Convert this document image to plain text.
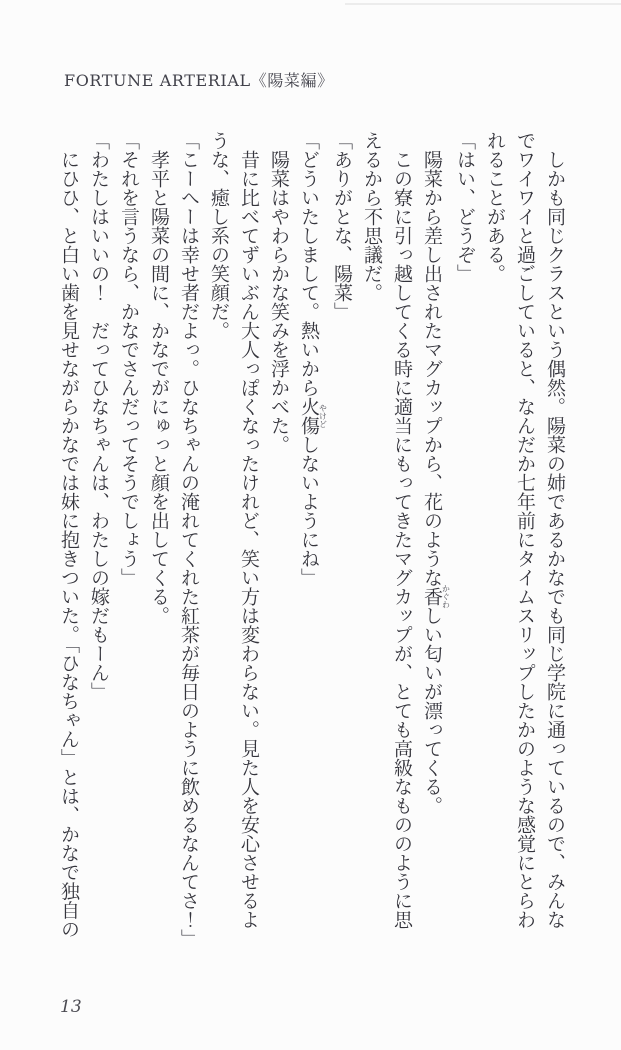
FORTUNE ARTERIAL《陽菜編》

　しかも同じクラスという偶然。陽菜の姉であるかなでも同じ学院に通っているので、みんな

でワイワイと過ごしていると、なんだか七年前にタイムスリップしたかのような感覚にとらわ

れることがある。

「はい、どうぞ」

　陽菜から差し出されたマグカップから、花のような香かぐわしい匂いが漂ってくる。

　この寮に引っ越してくる時に適当にもってきたマグカップが、とても高級なもののように思

えるから不思議だ。

「ありがとな、陽菜」

「どういたしまして。熱いから火傷やけどしないようにね」

　陽菜はやわらかな笑みを浮かべた。

　昔に比べてずいぶん大人っぽくなったけれど、笑い方は変わらない。見た人を安心させるよ

うな、癒し系の笑顔だ。

「こーへーは幸せ者だよっ。ひなちゃんの淹れてくれた紅茶が毎日のように飲めるなんてさ！」

　孝平と陽菜の間に、かなでがにゅっと顔を出してくる。

「それを言うなら、かなでさんだってそうでしょう」

「わたしはいいの！　だってひなちゃんは、わたしの嫁だもーん」

　にひひ、と白い歯を見せながらかなでは妹に抱きついた。「ひなちゃん」とは、かなで独自の

13
